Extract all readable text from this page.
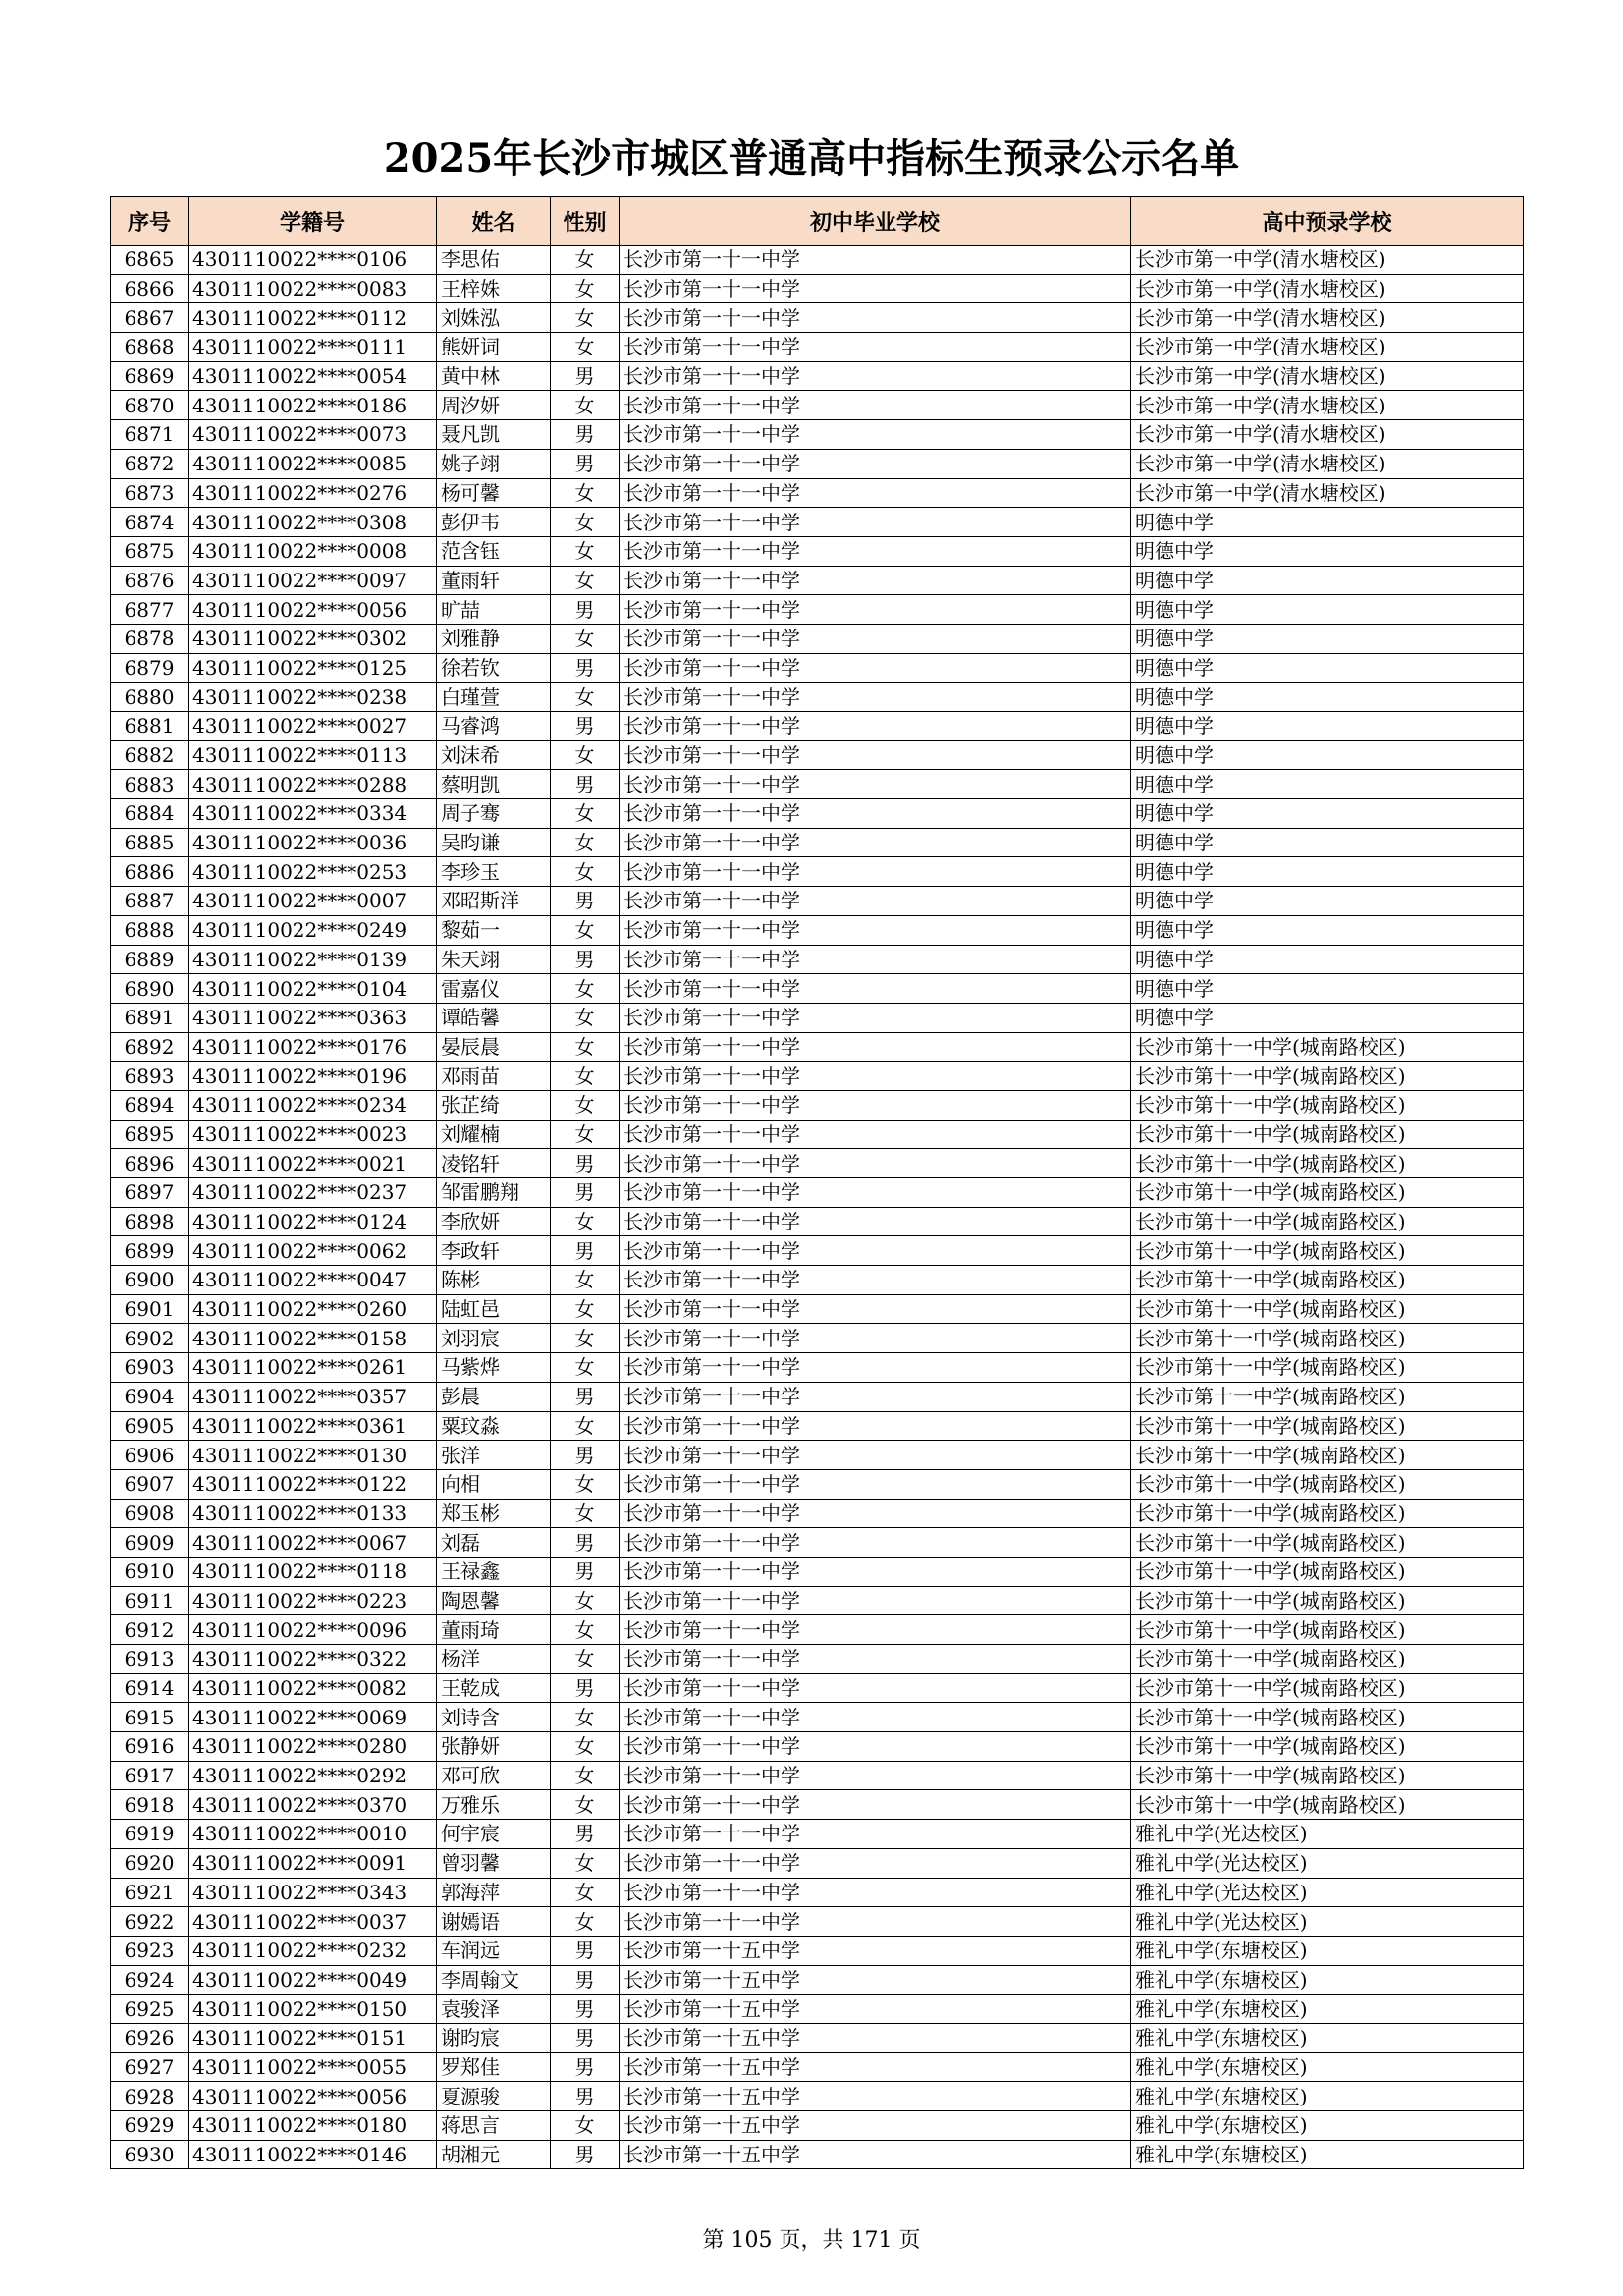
2025年长沙市城区普通高中指标生预录公示名单
序号	学籍号	姓名	性别	初中毕业学校	高中预录学校
6865	4301110022****0106	李思佑	女	长沙市第一十一中学	长沙市第一中学(清水塘校区)
6866	4301110022****0083	王梓姝	女	长沙市第一十一中学	长沙市第一中学(清水塘校区)
6867	4301110022****0112	刘姝泓	女	长沙市第一十一中学	长沙市第一中学(清水塘校区)
6868	4301110022****0111	熊妍词	女	长沙市第一十一中学	长沙市第一中学(清水塘校区)
6869	4301110022****0054	黄中林	男	长沙市第一十一中学	长沙市第一中学(清水塘校区)
6870	4301110022****0186	周汐妍	女	长沙市第一十一中学	长沙市第一中学(清水塘校区)
6871	4301110022****0073	聂凡凯	男	长沙市第一十一中学	长沙市第一中学(清水塘校区)
6872	4301110022****0085	姚子翊	男	长沙市第一十一中学	长沙市第一中学(清水塘校区)
6873	4301110022****0276	杨可馨	女	长沙市第一十一中学	长沙市第一中学(清水塘校区)
6874	4301110022****0308	彭伊韦	女	长沙市第一十一中学	明德中学
6875	4301110022****0008	范含钰	女	长沙市第一十一中学	明德中学
6876	4301110022****0097	董雨轩	女	长沙市第一十一中学	明德中学
6877	4301110022****0056	旷喆	男	长沙市第一十一中学	明德中学
6878	4301110022****0302	刘雅静	女	长沙市第一十一中学	明德中学
6879	4301110022****0125	徐若钦	男	长沙市第一十一中学	明德中学
6880	4301110022****0238	白瑾萱	女	长沙市第一十一中学	明德中学
6881	4301110022****0027	马睿鸿	男	长沙市第一十一中学	明德中学
6882	4301110022****0113	刘沫希	女	长沙市第一十一中学	明德中学
6883	4301110022****0288	蔡明凯	男	长沙市第一十一中学	明德中学
6884	4301110022****0334	周子骞	女	长沙市第一十一中学	明德中学
6885	4301110022****0036	吴昀谦	女	长沙市第一十一中学	明德中学
6886	4301110022****0253	李珍玉	女	长沙市第一十一中学	明德中学
6887	4301110022****0007	邓昭斯洋	男	长沙市第一十一中学	明德中学
6888	4301110022****0249	黎茹一	女	长沙市第一十一中学	明德中学
6889	4301110022****0139	朱天翊	男	长沙市第一十一中学	明德中学
6890	4301110022****0104	雷嘉仪	女	长沙市第一十一中学	明德中学
6891	4301110022****0363	谭皓馨	女	长沙市第一十一中学	明德中学
6892	4301110022****0176	晏辰晨	女	长沙市第一十一中学	长沙市第十一中学(城南路校区)
6893	4301110022****0196	邓雨苗	女	长沙市第一十一中学	长沙市第十一中学(城南路校区)
6894	4301110022****0234	张芷绮	女	长沙市第一十一中学	长沙市第十一中学(城南路校区)
6895	4301110022****0023	刘耀楠	女	长沙市第一十一中学	长沙市第十一中学(城南路校区)
6896	4301110022****0021	凌铭轩	男	长沙市第一十一中学	长沙市第十一中学(城南路校区)
6897	4301110022****0237	邹雷鹏翔	男	长沙市第一十一中学	长沙市第十一中学(城南路校区)
6898	4301110022****0124	李欣妍	女	长沙市第一十一中学	长沙市第十一中学(城南路校区)
6899	4301110022****0062	李政轩	男	长沙市第一十一中学	长沙市第十一中学(城南路校区)
6900	4301110022****0047	陈彬	女	长沙市第一十一中学	长沙市第十一中学(城南路校区)
6901	4301110022****0260	陆虹邑	女	长沙市第一十一中学	长沙市第十一中学(城南路校区)
6902	4301110022****0158	刘羽宸	女	长沙市第一十一中学	长沙市第十一中学(城南路校区)
6903	4301110022****0261	马紫烨	女	长沙市第一十一中学	长沙市第十一中学(城南路校区)
6904	4301110022****0357	彭晨	男	长沙市第一十一中学	长沙市第十一中学(城南路校区)
6905	4301110022****0361	粟玟淼	女	长沙市第一十一中学	长沙市第十一中学(城南路校区)
6906	4301110022****0130	张洋	男	长沙市第一十一中学	长沙市第十一中学(城南路校区)
6907	4301110022****0122	向相	女	长沙市第一十一中学	长沙市第十一中学(城南路校区)
6908	4301110022****0133	郑玉彬	女	长沙市第一十一中学	长沙市第十一中学(城南路校区)
6909	4301110022****0067	刘磊	男	长沙市第一十一中学	长沙市第十一中学(城南路校区)
6910	4301110022****0118	王禄鑫	男	长沙市第一十一中学	长沙市第十一中学(城南路校区)
6911	4301110022****0223	陶恩馨	女	长沙市第一十一中学	长沙市第十一中学(城南路校区)
6912	4301110022****0096	董雨琦	女	长沙市第一十一中学	长沙市第十一中学(城南路校区)
6913	4301110022****0322	杨洋	女	长沙市第一十一中学	长沙市第十一中学(城南路校区)
6914	4301110022****0082	王乾成	男	长沙市第一十一中学	长沙市第十一中学(城南路校区)
6915	4301110022****0069	刘诗含	女	长沙市第一十一中学	长沙市第十一中学(城南路校区)
6916	4301110022****0280	张静妍	女	长沙市第一十一中学	长沙市第十一中学(城南路校区)
6917	4301110022****0292	邓可欣	女	长沙市第一十一中学	长沙市第十一中学(城南路校区)
6918	4301110022****0370	万雅乐	女	长沙市第一十一中学	长沙市第十一中学(城南路校区)
6919	4301110022****0010	何宇宸	男	长沙市第一十一中学	雅礼中学(光达校区)
6920	4301110022****0091	曾羽馨	女	长沙市第一十一中学	雅礼中学(光达校区)
6921	4301110022****0343	郭海萍	女	长沙市第一十一中学	雅礼中学(光达校区)
6922	4301110022****0037	谢嫣语	女	长沙市第一十一中学	雅礼中学(光达校区)
6923	4301110022****0232	车润远	男	长沙市第一十五中学	雅礼中学(东塘校区)
6924	4301110022****0049	李周翰文	男	长沙市第一十五中学	雅礼中学(东塘校区)
6925	4301110022****0150	袁骏泽	男	长沙市第一十五中学	雅礼中学(东塘校区)
6926	4301110022****0151	谢昀宸	男	长沙市第一十五中学	雅礼中学(东塘校区)
6927	4301110022****0055	罗郑佳	男	长沙市第一十五中学	雅礼中学(东塘校区)
6928	4301110022****0056	夏源骏	男	长沙市第一十五中学	雅礼中学(东塘校区)
6929	4301110022****0180	蒋思言	女	长沙市第一十五中学	雅礼中学(东塘校区)
6930	4301110022****0146	胡湘元	男	长沙市第一十五中学	雅礼中学(东塘校区)
第 105 页，共 171 页
